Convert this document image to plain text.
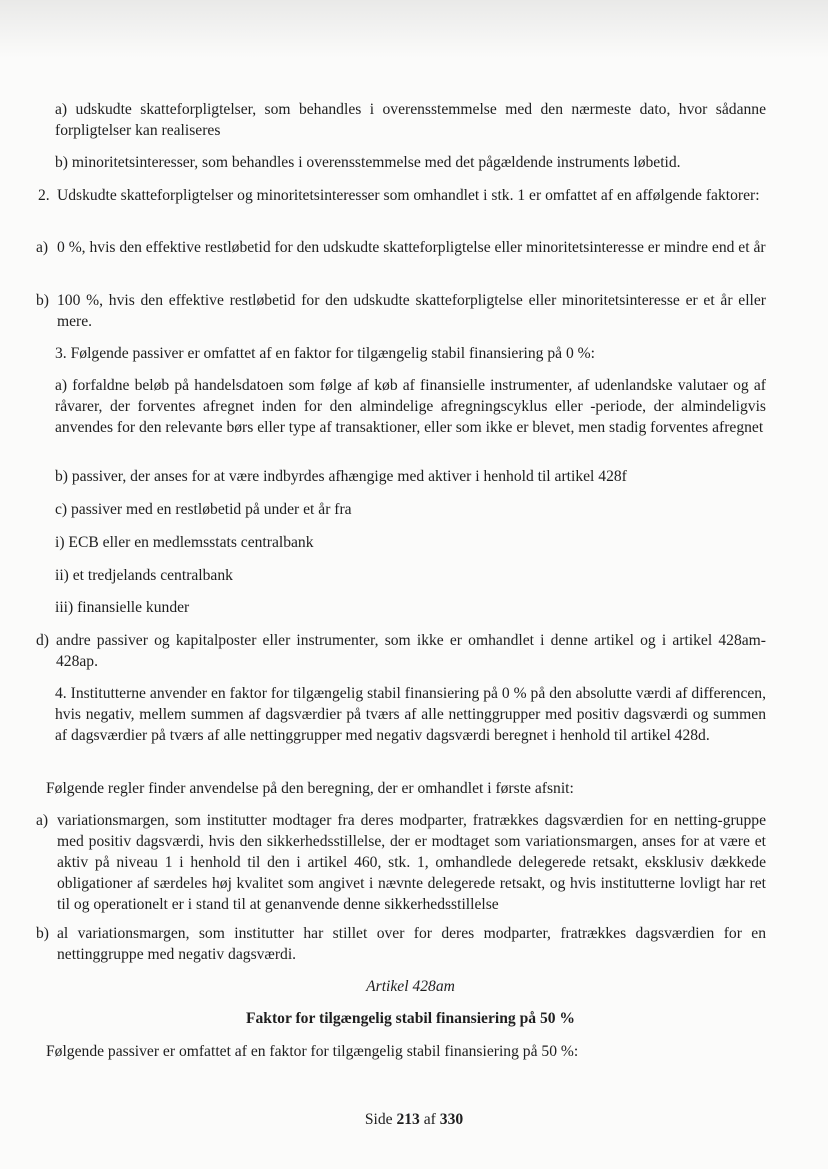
a) udskudte skatteforpligtelser, som behandles i overensstemmelse med den nærmeste dato, hvor sådanne forpligtelser kan realiseres

b) minoritetsinteresser, som behandles i overensstemmelse med det pågældende instruments løbetid.

2. Udskudte skatteforpligtelser og minoritetsinteresser som omhandlet i stk. 1 er omfattet af en affølgende faktorer:

a) 0 %, hvis den effektive restløbetid for den udskudte skatteforpligtelse eller minoritetsinteresse er mindre end et år

b) 100 %, hvis den effektive restløbetid for den udskudte skatteforpligtelse eller minoritetsinteresse er et år eller mere.

3. Følgende passiver er omfattet af en faktor for tilgængelig stabil finansiering på 0 %:

a) forfaldne beløb på handelsdatoen som følge af køb af finansielle instrumenter, af udenlandske valutaer og af råvarer, der forventes afregnet inden for den almindelige afregningscyklus eller -periode, der almindeligvis anvendes for den relevante børs eller type af transaktioner, eller som ikke er blevet, men stadig forventes afregnet

b) passiver, der anses for at være indbyrdes afhængige med aktiver i henhold til artikel 428f

c) passiver med en restløbetid på under et år fra

i) ECB eller en medlemsstats centralbank

ii) et tredjelands centralbank

iii) finansielle kunder

d) andre passiver og kapitalposter eller instrumenter, som ikke er omhandlet i denne artikel og i artikel 428am-428ap.

4. Institutterne anvender en faktor for tilgængelig stabil finansiering på 0 % på den absolutte værdi af differencen, hvis negativ, mellem summen af dagsværdier på tværs af alle nettinggrupper med positiv dagsværdi og summen af dagsværdier på tværs af alle nettinggrupper med negativ dagsværdi beregnet i henhold til artikel 428d.

Følgende regler finder anvendelse på den beregning, der er omhandlet i første afsnit:

a) variationsmargen, som institutter modtager fra deres modparter, fratrækkes dagsværdien for en netting-gruppe med positiv dagsværdi, hvis den sikkerhedsstillelse, der er modtaget som variationsmargen, anses for at være et aktiv på niveau 1 i henhold til den i artikel 460, stk. 1, omhandlede delegerede retsakt, eksklusiv dækkede obligationer af særdeles høj kvalitet som angivet i nævnte delegerede retsakt, og hvis institutterne lovligt har ret til og operationelt er i stand til at genanvende denne sikkerhedsstillelse

b) al variationsmargen, som institutter har stillet over for deres modparter, fratrækkes dagsværdien for en nettinggruppe med negativ dagsværdi.

Artikel 428am

Faktor for tilgængelig stabil finansiering på 50 %

Følgende passiver er omfattet af en faktor for tilgængelig stabil finansiering på 50 %:

Side 213 af 330
